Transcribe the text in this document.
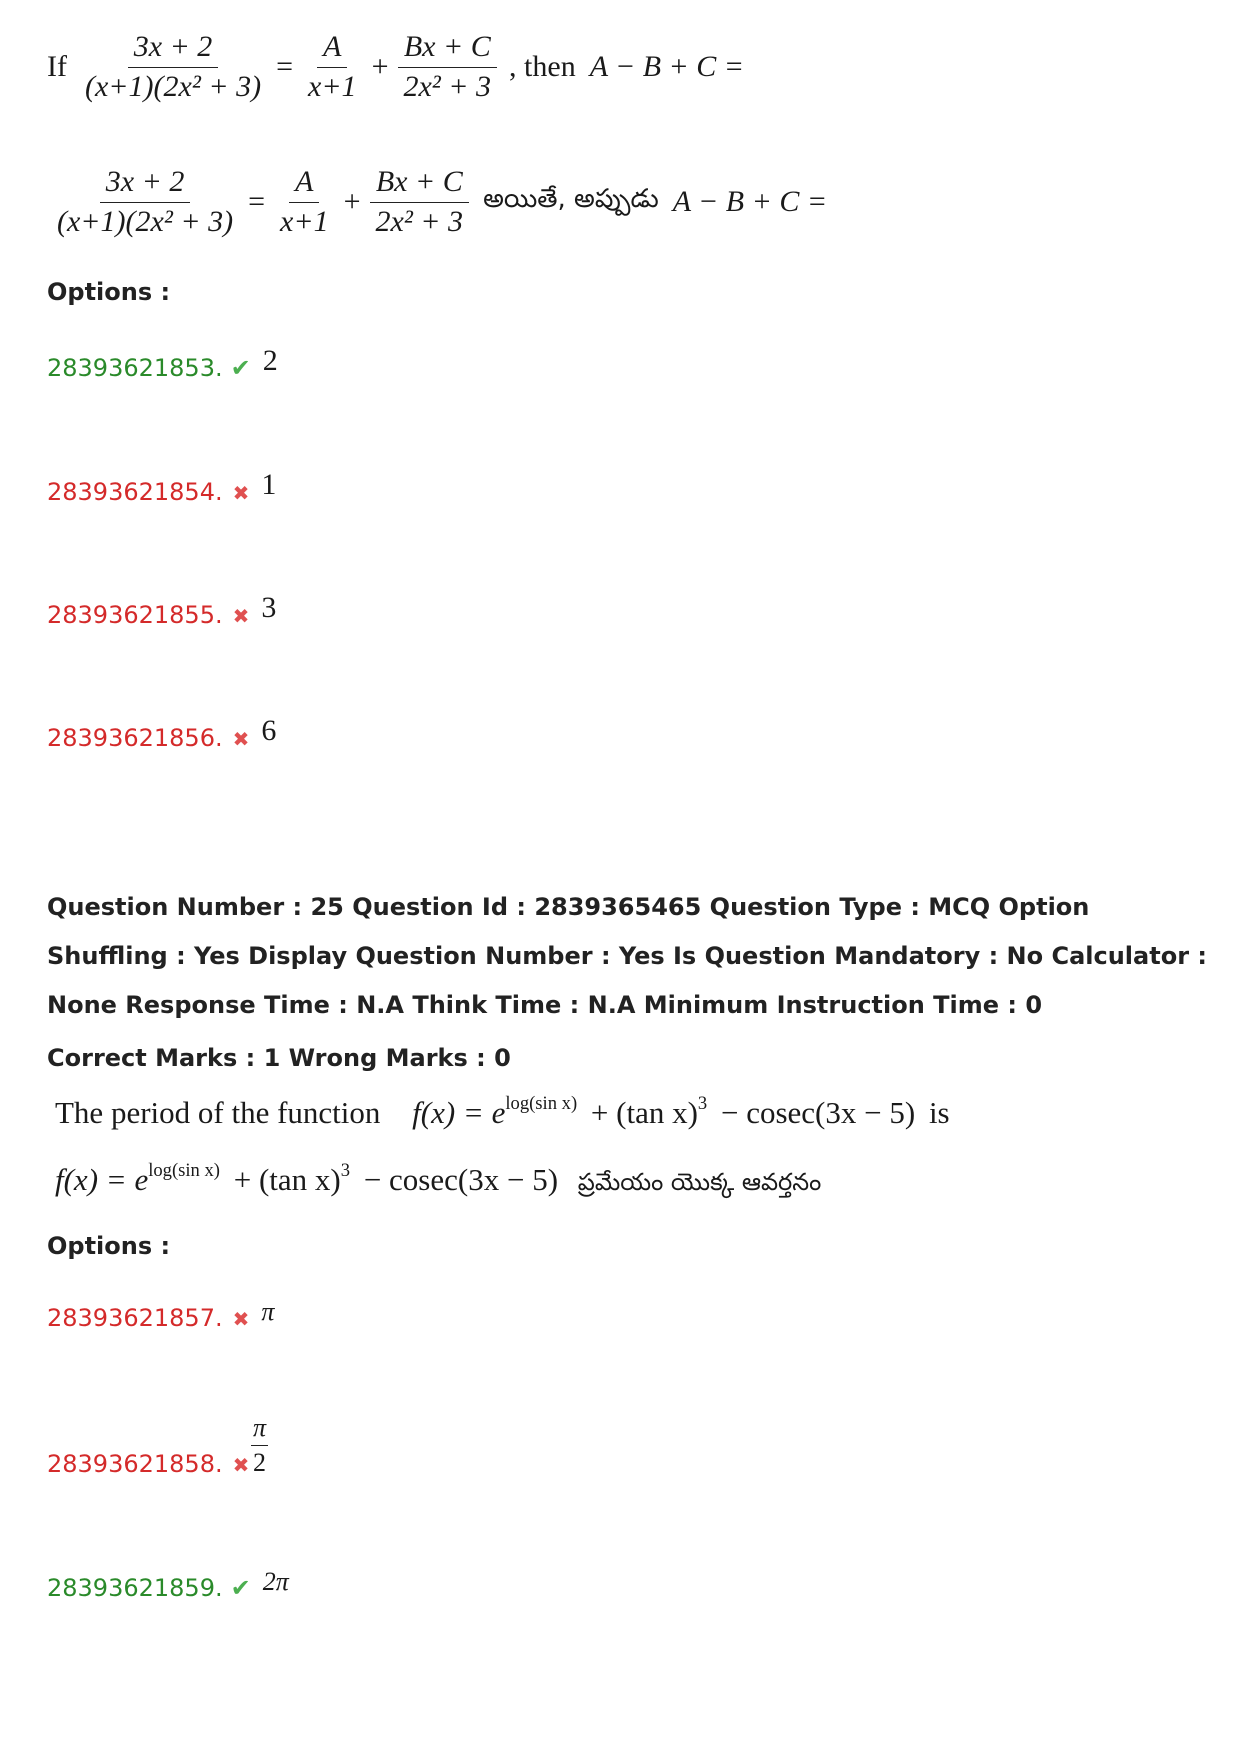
If $\frac{3x + 2}{\text{(x+1)(2x² + 3)}} = \frac{A}{x+1} + \frac{Bx + C}{\text{2x² + 3}}$ , then A − B + C =
$\frac{3x + 2}{\text{(x+1)(2x² + 3)}} = \frac{A}{x+1} + \frac{Bx + C}{\text{2x² + 3}}$ అయితే, అప్పుడు A − B + C =
Options :
28393621853. ✔ 2
28393621854. ✖ 1
28393621855. ✖ 3
28393621856. ✖ 6
Question Number : 25 Question Id : 2839365465 Question Type : MCQ Option Shuffling : Yes Display Question Number : Yes Is Question Mandatory : No Calculator : None Response Time : N.A Think Time : N.A Minimum Instruction Time : 0
Correct Marks : 1 Wrong Marks : 0
The period of the function $f(x) = e^{log(sin x)} + (\tan$ x)$^3$ − cosec(3x − 5) is
$f(x) = e^{log(sin x)} + (\tan$ x)$^3$ − cosec(3x − 5) ప్రమేయం యొక్క ఆవర్తనం
Options :
28393621857. ✖ π
28393621858. ✖ $\frac{\pi}{2}$
28393621859. ✔ 2π
